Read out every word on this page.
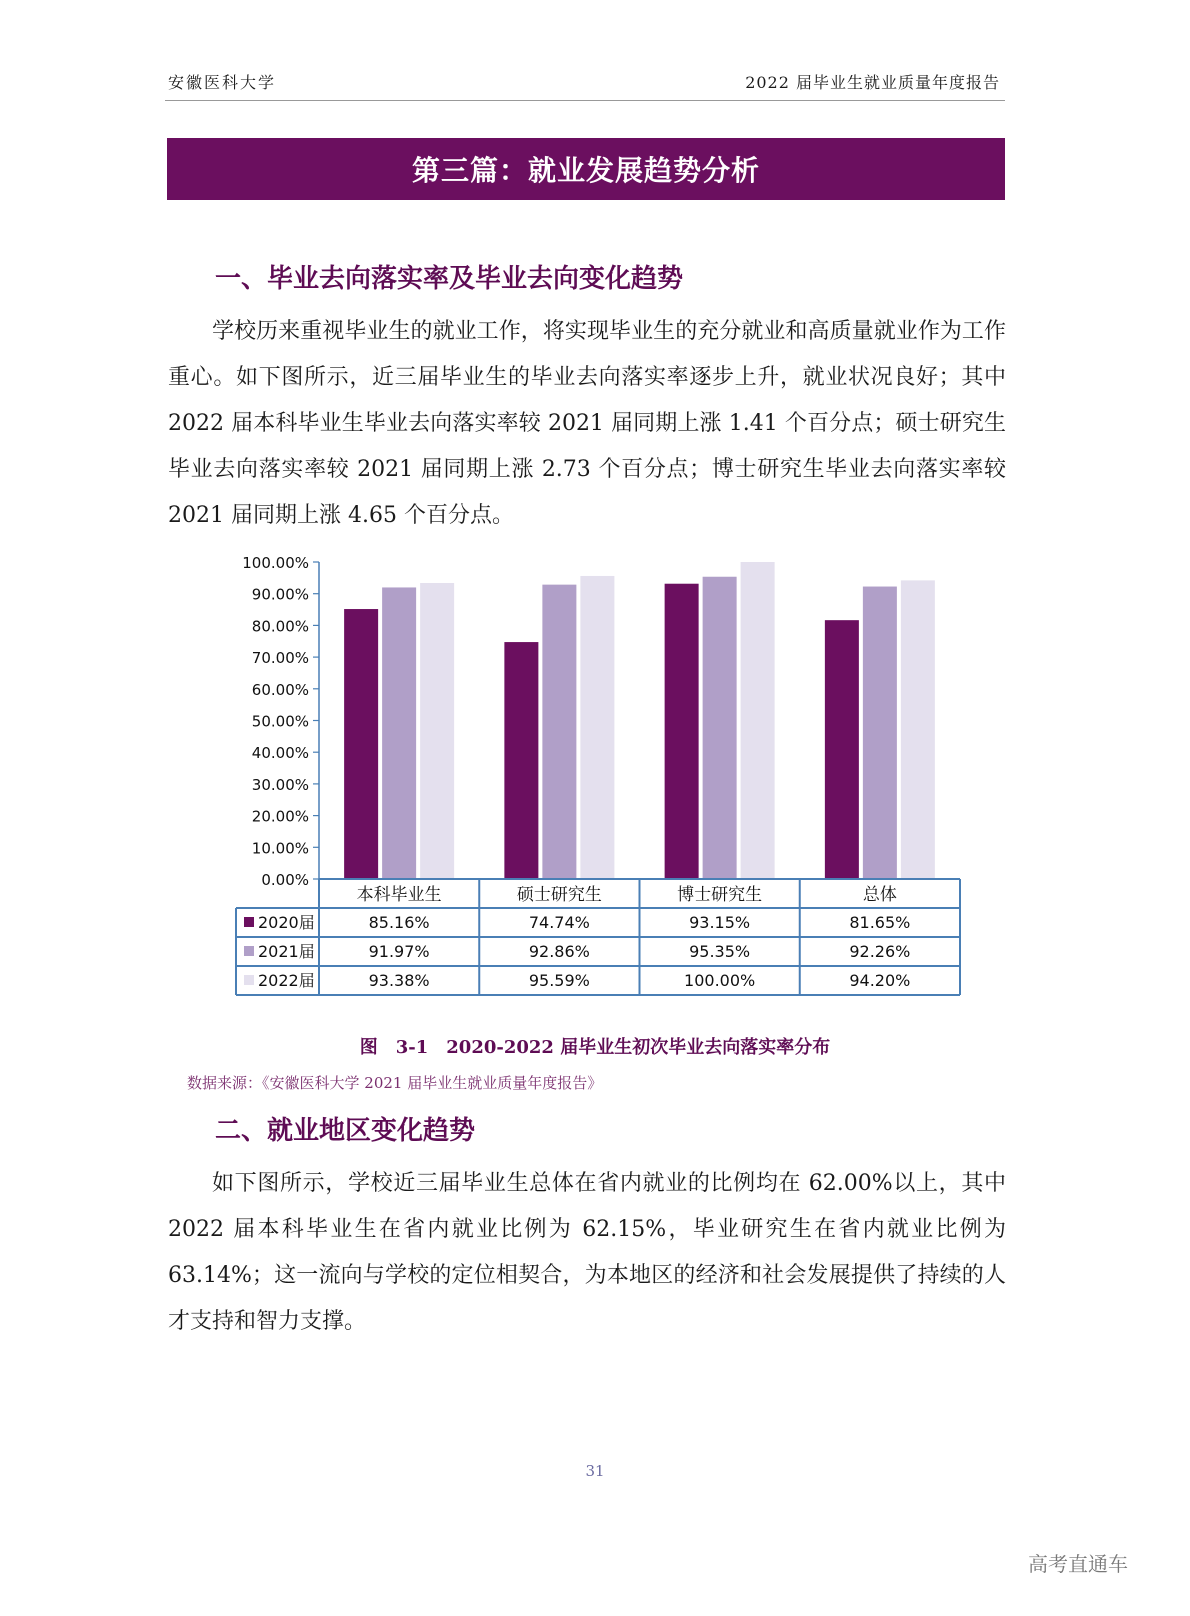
安徽医科大学	2022 届毕业生就业质量年度报告
第三篇：就业发展趋势分析
一、毕业去向落实率及毕业去向变化趋势

学校历来重视毕业生的就业工作，将实现毕业生的充分就业和高质量就业作为工作重心。如下图所示，近三届毕业生的毕业去向落实率逐步上升，就业状况良好；其中 2022 届本科毕业生毕业去向落实率较 2021 届同期上涨 1.41 个百分点；硕士研究生毕业去向落实率较 2021 届同期上涨 2.73 个百分点；博士研究生毕业去向落实率较 2021 届同期上涨 4.65 个百分点。

0.00%
10.00%
20.00%
30.00%
40.00%
50.00%
60.00%
70.00%
80.00%
90.00%
100.00%
本科毕业生	硕士研究生	博士研究生	总体
2020届	85.16%	74.74%	93.15%	81.65%
2021届	91.97%	92.86%	95.35%	92.26%
2022届	93.38%	95.59%	100.00%	94.20%
图　3-1　2020-2022 届毕业生初次毕业去向落实率分布
数据来源：《安徽医科大学 2021 届毕业生就业质量年度报告》
二、就业地区变化趋势

如下图所示，学校近三届毕业生总体在省内就业的比例均在 62.00%以上，其中 2022 届本科毕业生在省内就业比例为 62.15%，毕业研究生在省内就业比例为 63.14%；这一流向与学校的定位相契合，为本地区的经济和社会发展提供了持续的人才支持和智力支撑。

31
高考直通车
